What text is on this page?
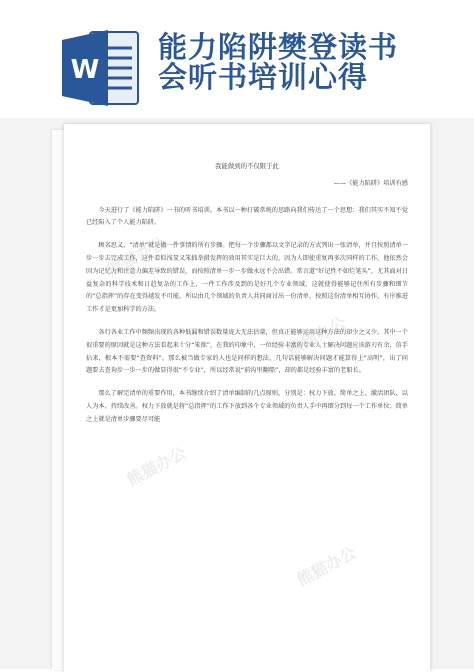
W
能力陷阱樊登读书
会听书培训心得
我能做到的不仅限于此
——《能力陷阱》培训有感

今天进行了《能力陷阱》一书的听书培训。本书以一种打破常规的思路向我们传达了一个思想：我们其实不知不觉已经陷入了个人能力陷阱。

顾名思义，“清单”就是做一件事情的所有步骤。把每一个步骤都以文字记录的方式列出一张清单，并且按照清单一步一步去完成工作，这件看似浅显又笨拙举措发挥的效用其实是巨大的，因为人即使重复再多次同样的工作，他依然会因为记忆力和注意力偏差导致的错误，而按照清单一步一步做永远不会出错。常言道“好记性不如烂笔头”，尤其面对日益复杂的科学技术和日趋复杂的工作上，一件工作涉及到的是好几个专业领域，这就使得能够记住所有步骤和细节的“总指挥”的存在变得越发不可能。所以由几个领域的负责人共同商讨出一份清单，按照这份清单相互协作，有序推进工作才是更加科学的方法。

各行各业工作中频频出现的各种低漏和错误数量庞大无法估量，但真正能够运用这种方法的却少之又少。其中一个很重要的原因就是这种方法看起来十分“笨拙”，在我的印象中，一位经验丰富的专业人士解决问题应该游刃有余，信手拈来，根本不需要“查资料”。那么被当做专家的人也是同样的想法，几句话能够解决问题才能算得上“高明”，出了问题要去查询步一步一步的做显得很“不专业”，所以经常说“前沟里翻船”，却的都是经验丰富的老船长。

那么了解完清单的重要作用，本书继续介绍了清单编制的几点原则，分别是：权力下放、简单之上、激活团队、以人为本、持续改善。权力下放就是将“总指挥”的工作下放到各个专业领域的负责人手中再细分到每一个工作单位；简单之上就是清单步骤要尽可能

熊猫办公
熊猫办公
熊猫办公
熊猫办公
